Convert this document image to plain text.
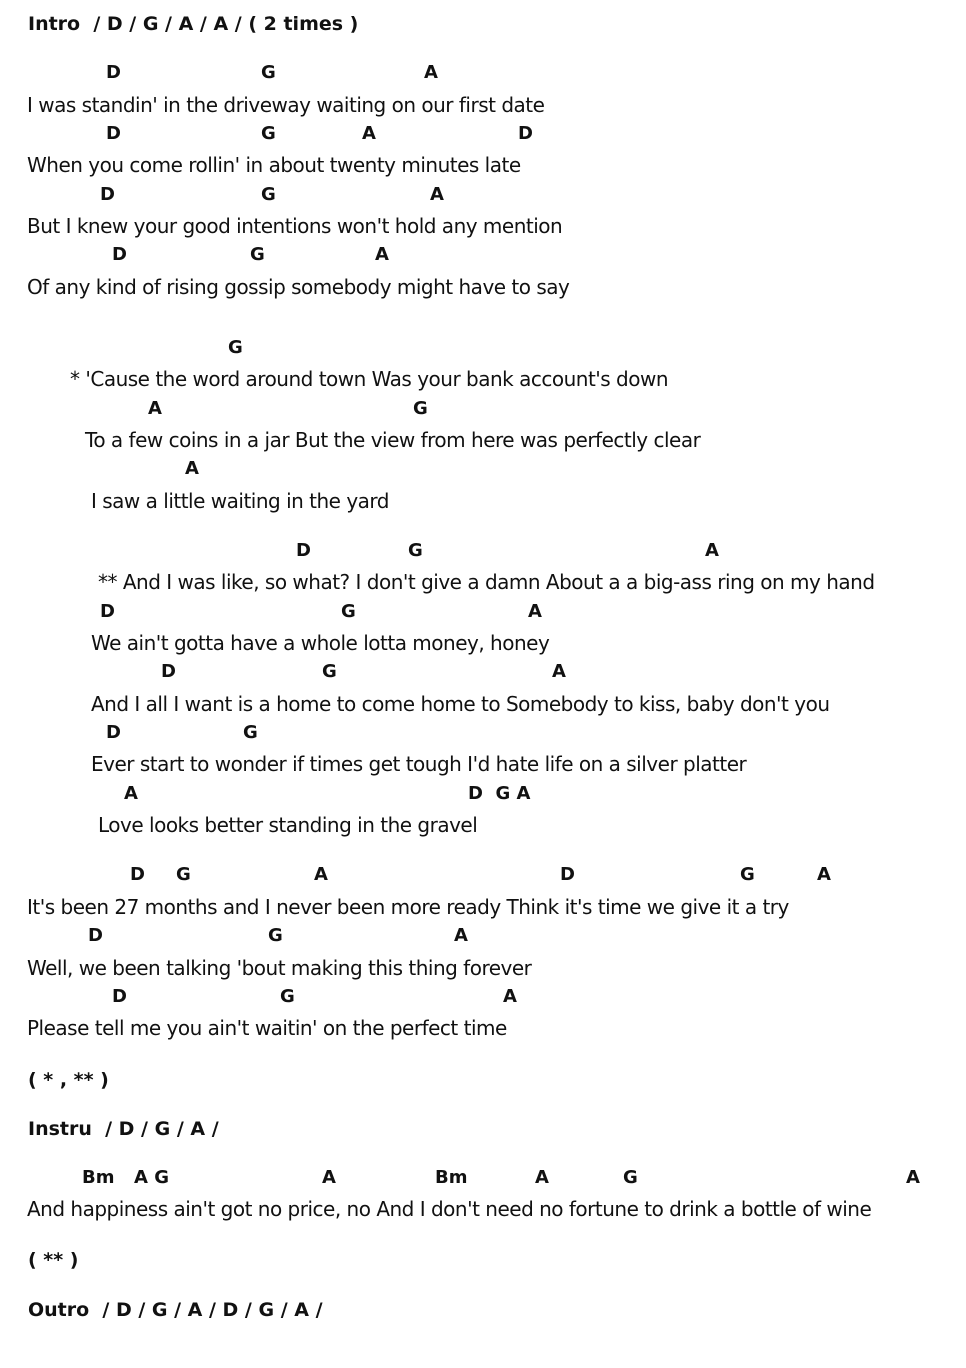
Intro  / D / G / A / A / ( 2 times )
D	G	A
I was standin' in the driveway waiting on our first date
D	G	A	D
When you come rollin' in about twenty minutes late
D	G	A
But I knew your good intentions won't hold any mention
D	G	A
Of any kind of rising gossip somebody might have to say
G
* 'Cause the word around town Was your bank account's down
A	G
To a few coins in a jar But the view from here was perfectly clear
A
I saw a little waiting in the yard
D	G	A
** And I was like, so what? I don't give a damn About a a big-ass ring on my hand
D	G	A
We ain't gotta have a whole lotta money, honey
D	G	A
And I all I want is a home to come home to Somebody to kiss, baby don't you
D	G
Ever start to wonder if times get tough I'd hate life on a silver platter
A	D  G A
Love looks better standing in the gravel
D G	A	D	G	A
It's been 27 months and I never been more ready Think it's time we give it a try
D	G	A
Well, we been talking 'bout making this thing forever
D	G	A
Please tell me you ain't waitin' on the perfect time
( * , ** )
Instru  / D / G / A /
Bm A G	A	Bm	A	G	A
And happiness ain't got no price, no And I don't need no fortune to drink a bottle of wine
( ** )
Outro  / D / G / A / D / G / A /
